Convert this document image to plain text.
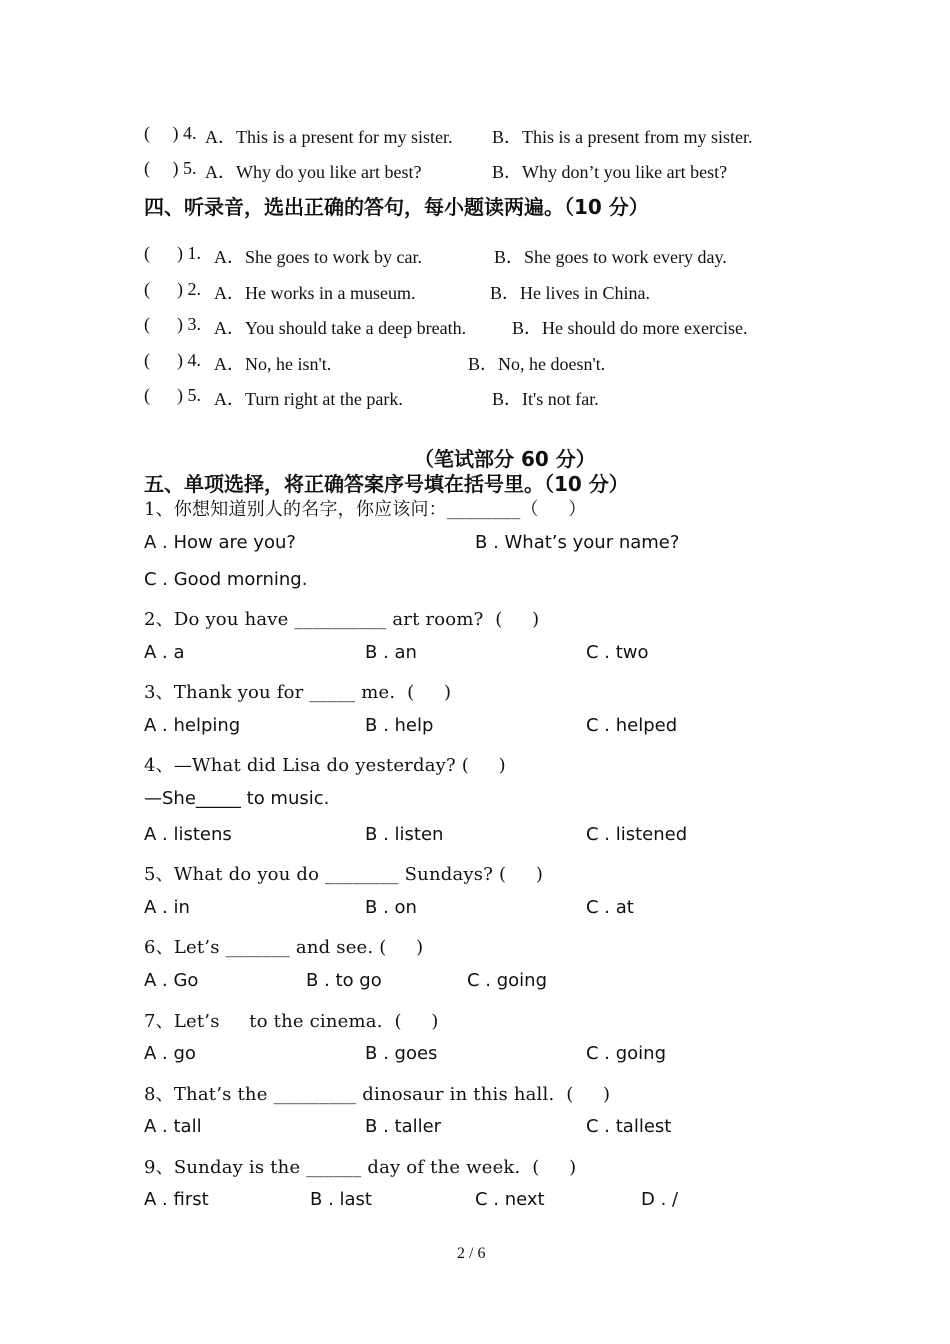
(     ) 4. A．This is a present for my sister. B．This is a present from my sister.
(     ) 5. A．Why do you like art best?	B．Why don’t you like art best?
四、听录音，选出正确的答句，每小题读两遍。（10 分）
(      ) 1. A．She goes to work by car.	B．She goes to work every day.
(      ) 2. A．He works in a museum.	B．He lives in China.
(      ) 3. A．You should take a deep breath.	B．He should do more exercise.
(      ) 4. A．No, he isn't.	B．No, he doesn't.
(      ) 5. A．Turn right at the park.	B．It's not far.
（笔试部分 60 分）
五、单项选择，将正确答案序号填在括号里。（10 分）
1、你想知道别人的名字，你应该问：________（     ）
A . How are you?	B . What’s your name?
C . Good morning.
2、Do you have __________ art room?  (     )
A . a	B . an	C . two
3、Thank you for _____ me.  (     )
A . helping	B . help	C . helped
4、—What did Lisa do yesterday? (     )
—She_____ to music.
A . listens	B . listen	C . listened
5、What do you do ________ Sundays? (     )
A . in	B . on	C . at
6、Let’s _______ and see. (     )
A . Go	B . to go	C . going
7、Let’s     to the cinema.  (     )
A . go	B . goes	C . going
8、That’s the _________ dinosaur in this hall.  (     )
A . tall	B . taller	C . tallest
9、Sunday is the ______ day of the week.  (     )
A . first	B . last	C . next	D . /
2 / 6
